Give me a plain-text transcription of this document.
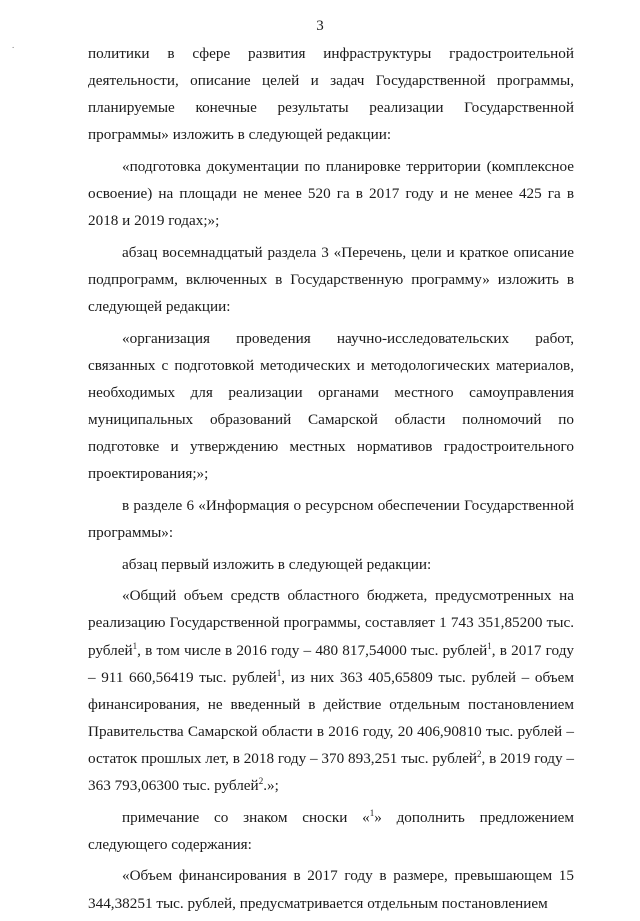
.
3

политики в сфере развития инфраструктуры градостроительной деятельности, описание целей и задач Государственной программы, планируемые конечные результаты реализации Государственной программы» изложить в следующей редакции:

«подготовка документации по планировке территории (комплексное освоение) на площади не менее 520 га в 2017 году и не менее 425 га в 2018 и 2019 годах;»;

абзац восемнадцатый раздела 3 «Перечень, цели и краткое описание подпрограмм, включенных в Государственную программу» изложить в следующей редакции:

«организация проведения научно-исследовательских работ, связанных с подготовкой методических и методологических материалов, необходимых для реализации органами местного самоуправления муниципальных образований Самарской области полномочий по подготовке и утверждению местных нормативов градостроительного проектирования;»;

в разделе 6 «Информация о ресурсном обеспечении Государственной программы»:

абзац первый изложить в следующей редакции:

«Общий объем средств областного бюджета, предусмотренных на реализацию Государственной программы, составляет 1 743 351,85200 тыс. рублей$^1$, в том числе в 2016 году – 480 817,54000 тыс. рублей$^1$, в 2017 году – 911 660,56419 тыс. рублей$^1$, из них 363 405,65809 тыс. рублей – объем финансирования, не введенный в действие отдельным постановлением Правительства Самарской области в 2016 году, 20 406,90810 тыс. рублей – остаток прошлых лет, в 2018 году – 370 893,251 тыс. рублей$^2$, в 2019 году – 363 793,06300 тыс. рублей$^2$.»;

примечание со знаком сноски «$^1$» дополнить предложением следующего содержания:

«Объем финансирования в 2017 году в размере, превышающем 15 344,38251 тыс. рублей, предусматривается отдельным постановлением
